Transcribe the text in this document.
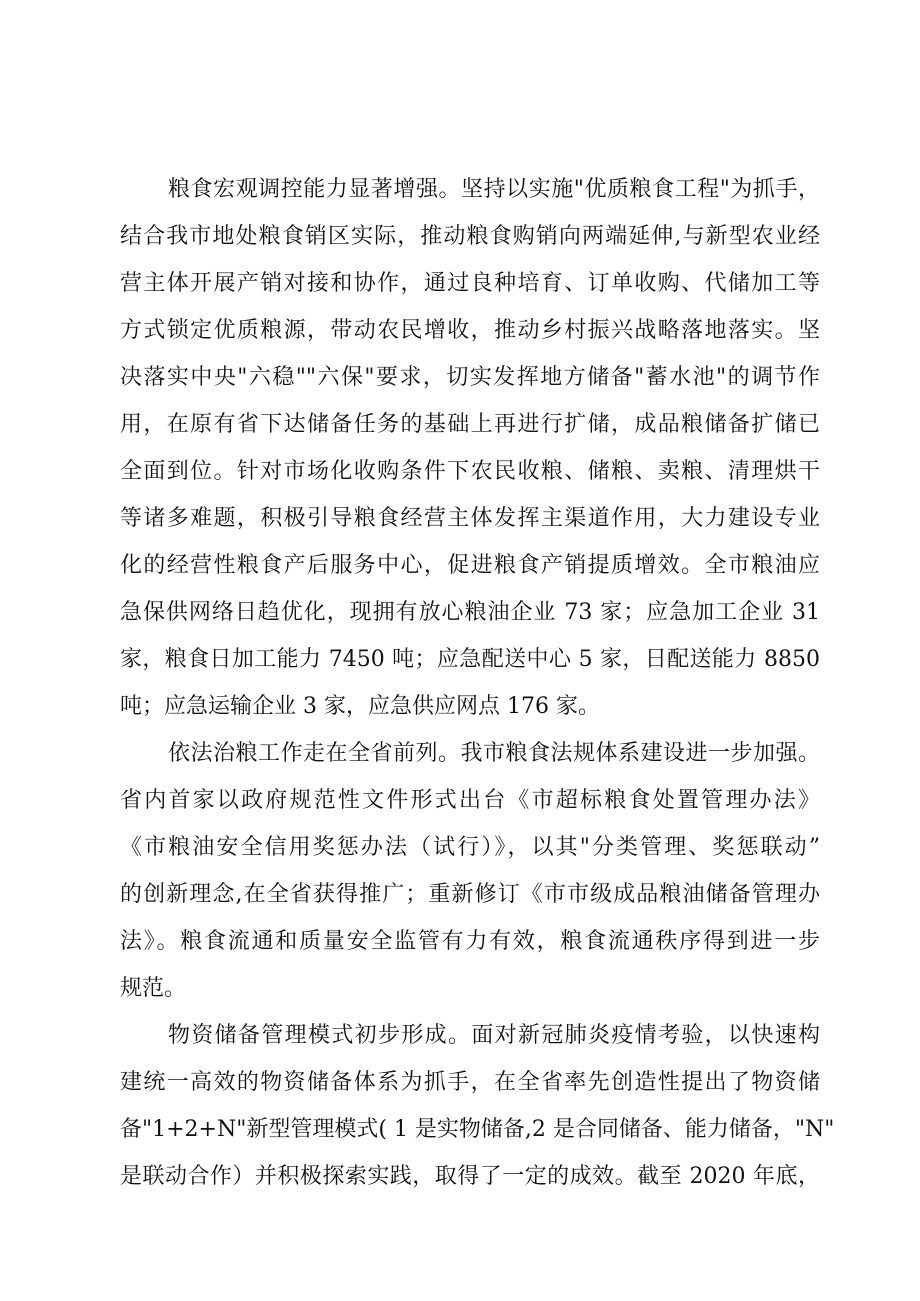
粮食宏观调控能力显著增强。坚持以实施"优质粮食工程"为抓手，
结合我市地处粮食销区实际，推动粮食购销向两端延伸,与新型农业经
营主体开展产销对接和协作，通过良种培育、订单收购、代储加工等
方式锁定优质粮源，带动农民增收，推动乡村振兴战略落地落实。坚
决落实中央"六稳""六保"要求，切实发挥地方储备"蓄水池"的调节作
用，在原有省下达储备任务的基础上再进行扩储，成品粮储备扩储已
全面到位。针对市场化收购条件下农民收粮、储粮、卖粮、清理烘干
等诸多难题，积极引导粮食经营主体发挥主渠道作用，大力建设专业
化的经营性粮食产后服务中心，促进粮食产销提质增效。全市粮油应
急保供网络日趋优化，现拥有放心粮油企业 73 家；应急加工企业 31
家，粮食日加工能力 7450 吨；应急配送中心 5 家，日配送能力 8850
吨；应急运输企业 3 家，应急供应网点 176 家。
依法治粮工作走在全省前列。我市粮食法规体系建设进一步加强。
省内首家以政府规范性文件形式出台《市超标粮食处置管理办法》
《市粮油安全信用奖惩办法（试行）》，以其"分类管理、奖惩联动”
的创新理念,在全省获得推广；重新修订《市市级成品粮油储备管理办
法》。粮食流通和质量安全监管有力有效，粮食流通秩序得到进一步
规范。
物资储备管理模式初步形成。面对新冠肺炎疫情考验，以快速构
建统一高效的物资储备体系为抓手，在全省率先创造性提出了物资储
备"1+2+N"新型管理模式( 1 是实物储备,2 是合同储备、能力储备，"N"
是联动合作）并积极探索实践，取得了一定的成效。截至 2020 年底，
